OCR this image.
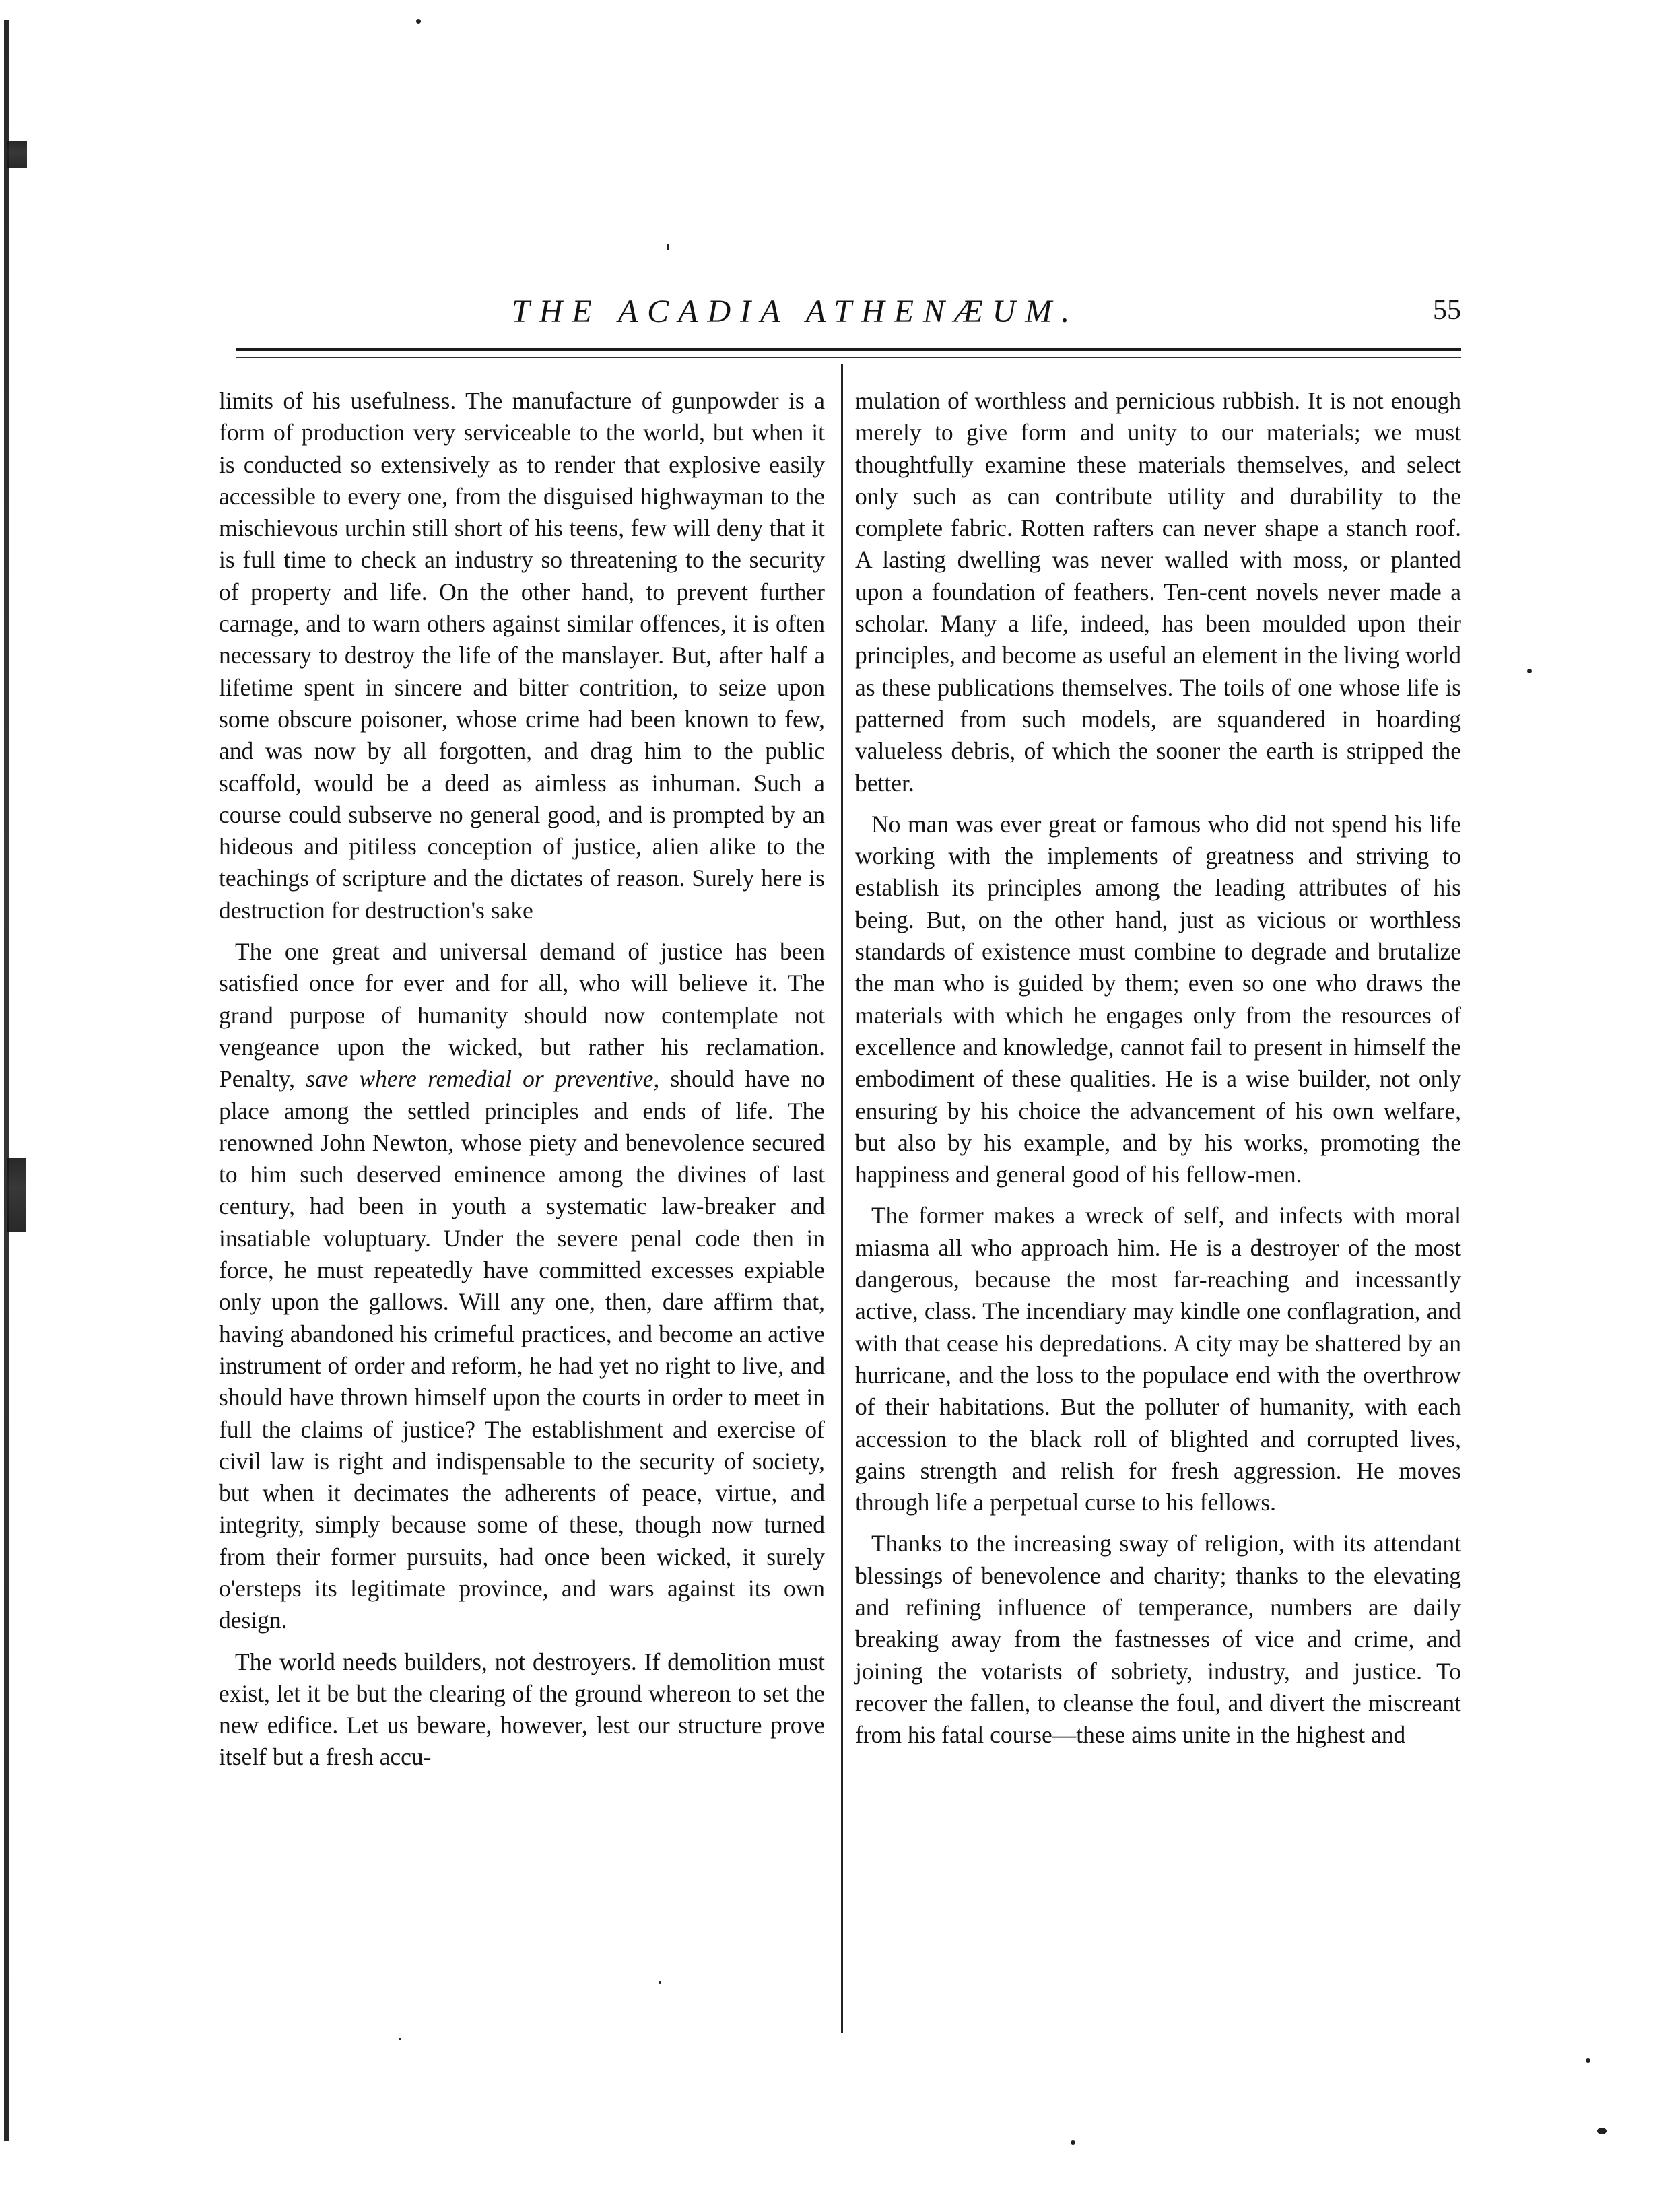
THE ACADIA ATHENÆUM.	55

limits of his usefulness. The manufacture of gunpowder is a form of production very serviceable to the world, but when it is conducted so extensively as to render that explosive easily accessible to every one, from the disguised highwayman to the mischievous urchin still short of his teens, few will deny that it is full time to check an industry so threatening to the security of property and life. On the other hand, to prevent further carnage, and to warn others against similar offences, it is often necessary to destroy the life of the manslayer. But, after half a lifetime spent in sincere and bitter contrition, to seize upon some obscure poisoner, whose crime had been known to few, and was now by all forgotten, and drag him to the public scaffold, would be a deed as aimless as inhuman. Such a course could subserve no general good, and is prompted by an hideous and pitiless conception of justice, alien alike to the teachings of scripture and the dictates of reason. Surely here is destruction for destruction's sake

The one great and universal demand of justice has been satisfied once for ever and for all, who will believe it. The grand purpose of humanity should now contemplate not vengeance upon the wicked, but rather his reclamation. Penalty, save where remedial or preventive, should have no place among the settled principles and ends of life. The renowned John Newton, whose piety and benevolence secured to him such deserved eminence among the divines of last century, had been in youth a systematic law-breaker and insatiable voluptuary. Under the severe penal code then in force, he must repeatedly have committed excesses expiable only upon the gallows. Will any one, then, dare affirm that, having abandoned his crimeful practices, and become an active instrument of order and reform, he had yet no right to live, and should have thrown himself upon the courts in order to meet in full the claims of justice? The establishment and exercise of civil law is right and indispensable to the security of society, but when it decimates the adherents of peace, virtue, and integrity, simply because some of these, though now turned from their former pursuits, had once been wicked, it surely o'ersteps its legitimate province, and wars against its own design.

The world needs builders, not destroyers. If demolition must exist, let it be but the clearing of the ground whereon to set the new edifice. Let us beware, however, lest our structure prove itself but a fresh accu-

mulation of worthless and pernicious rubbish. It is not enough merely to give form and unity to our materials; we must thoughtfully examine these materials themselves, and select only such as can contribute utility and durability to the complete fabric. Rotten rafters can never shape a stanch roof. A lasting dwelling was never walled with moss, or planted upon a foundation of feathers. Ten-cent novels never made a scholar. Many a life, indeed, has been moulded upon their principles, and become as useful an element in the living world as these publications themselves. The toils of one whose life is patterned from such models, are squandered in hoarding valueless debris, of which the sooner the earth is stripped the better.

No man was ever great or famous who did not spend his life working with the implements of greatness and striving to establish its principles among the leading attributes of his being. But, on the other hand, just as vicious or worthless standards of existence must combine to degrade and brutalize the man who is guided by them; even so one who draws the materials with which he engages only from the resources of excellence and knowledge, cannot fail to present in himself the embodiment of these qualities. He is a wise builder, not only ensuring by his choice the advancement of his own welfare, but also by his example, and by his works, promoting the happiness and general good of his fellow-men.

The former makes a wreck of self, and infects with moral miasma all who approach him. He is a destroyer of the most dangerous, because the most far-reaching and incessantly active, class. The incendiary may kindle one conflagration, and with that cease his depredations. A city may be shattered by an hurricane, and the loss to the populace end with the overthrow of their habitations. But the polluter of humanity, with each accession to the black roll of blighted and corrupted lives, gains strength and relish for fresh aggression. He moves through life a perpetual curse to his fellows.

Thanks to the increasing sway of religion, with its attendant blessings of benevolence and charity; thanks to the elevating and refining influence of temperance, numbers are daily breaking away from the fastnesses of vice and crime, and joining the votarists of sobriety, industry, and justice. To recover the fallen, to cleanse the foul, and divert the miscreant from his fatal course—these aims unite in the highest and
